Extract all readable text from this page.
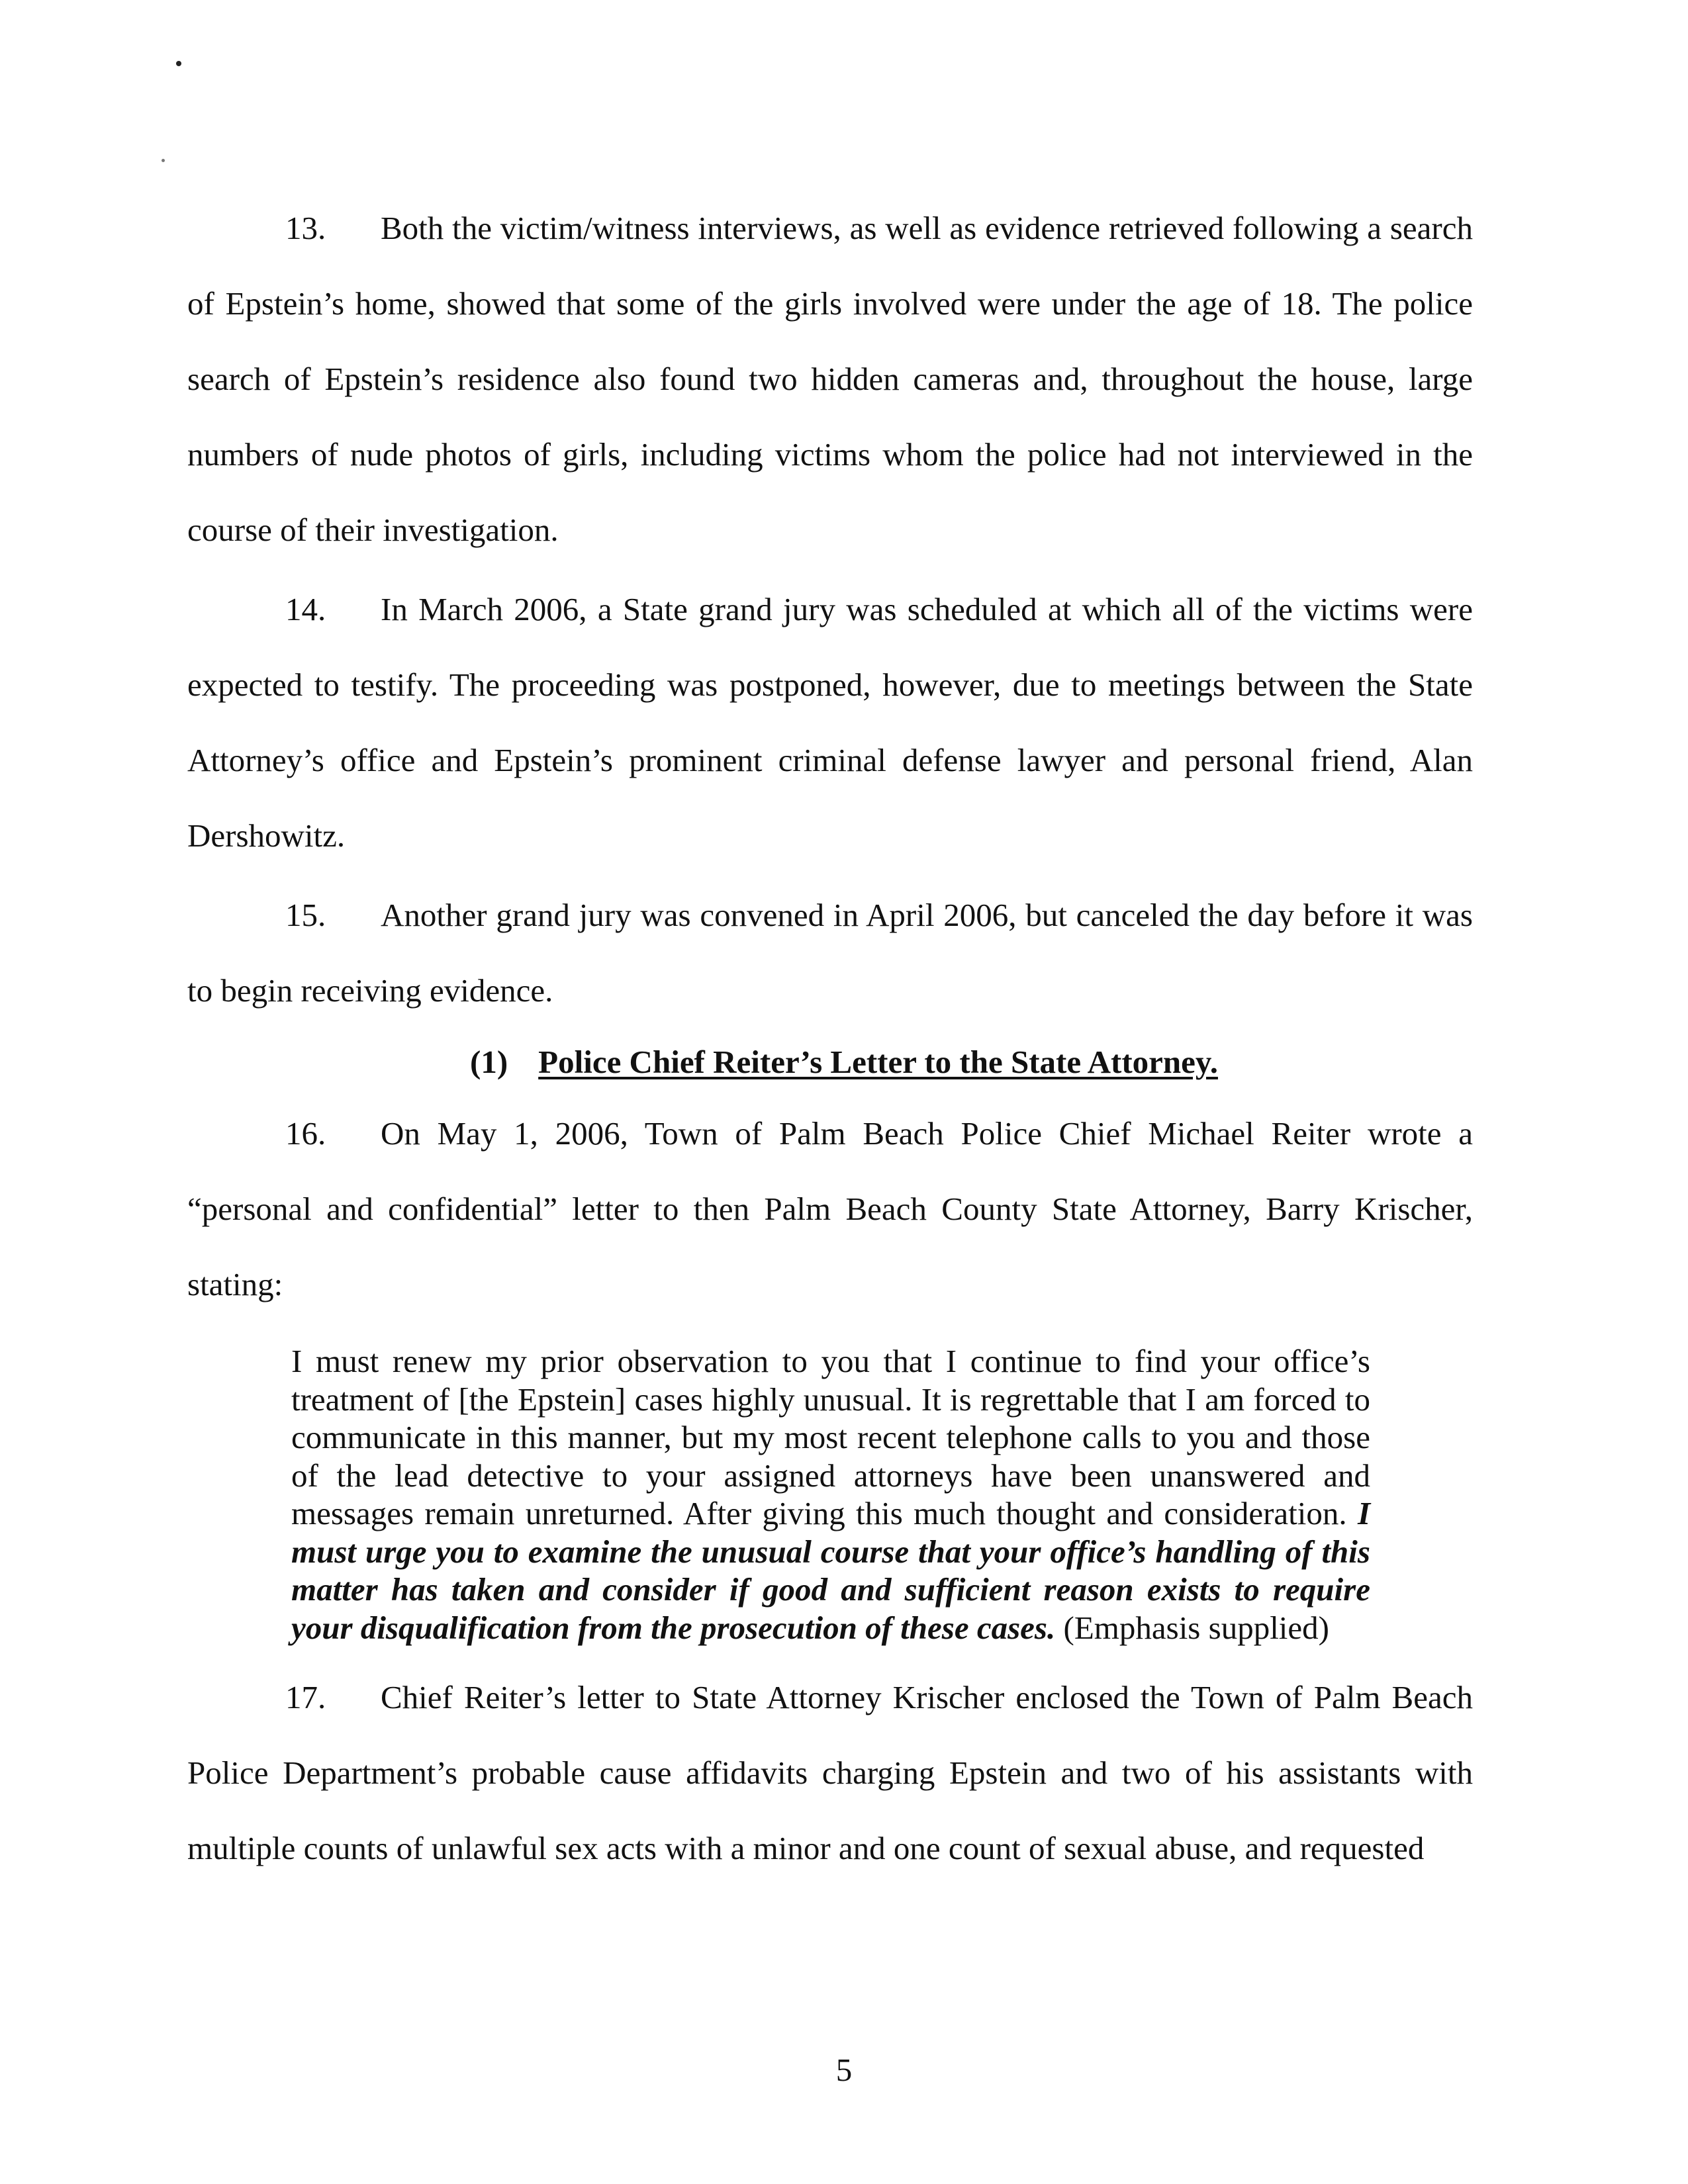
13. Both the victim/witness interviews, as well as evidence retrieved following a search of Epstein’s home, showed that some of the girls involved were under the age of 18. The police search of Epstein’s residence also found two hidden cameras and, throughout the house, large numbers of nude photos of girls, including victims whom the police had not interviewed in the course of their investigation.

14. In March 2006, a State grand jury was scheduled at which all of the victims were expected to testify. The proceeding was postponed, however, due to meetings between the State Attorney’s office and Epstein’s prominent criminal defense lawyer and personal friend, Alan Dershowitz.

15. Another grand jury was convened in April 2006, but canceled the day before it was to begin receiving evidence.

(1) Police Chief Reiter’s Letter to the State Attorney.

16. On May 1, 2006, Town of Palm Beach Police Chief Michael Reiter wrote a “personal and confidential” letter to then Palm Beach County State Attorney, Barry Krischer, stating:

I must renew my prior observation to you that I continue to find your office’s treatment of [the Epstein] cases highly unusual. It is regrettable that I am forced to communicate in this manner, but my most recent telephone calls to you and those of the lead detective to your assigned attorneys have been unanswered and messages remain unreturned. After giving this much thought and consideration. I must urge you to examine the unusual course that your office’s handling of this matter has taken and consider if good and sufficient reason exists to require your disqualification from the prosecution of these cases. (Emphasis supplied)

17. Chief Reiter’s letter to State Attorney Krischer enclosed the Town of Palm Beach Police Department’s probable cause affidavits charging Epstein and two of his assistants with multiple counts of unlawful sex acts with a minor and one count of sexual abuse, and requested

5
